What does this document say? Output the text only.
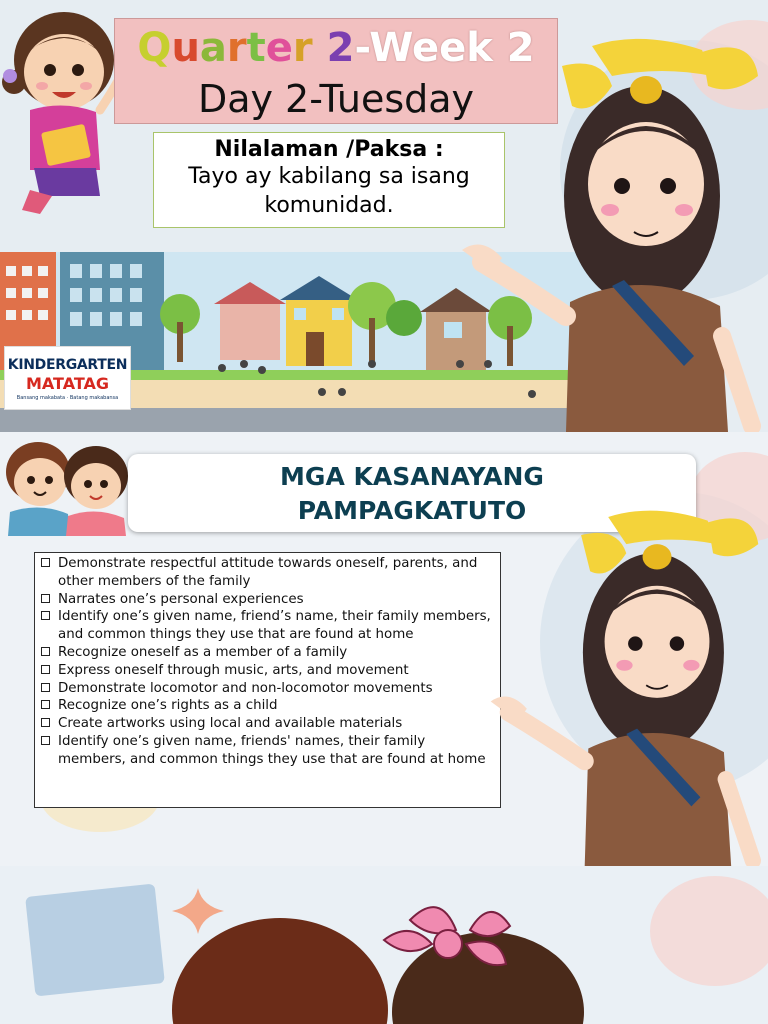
Quarter 2-Week 2
Day 2-Tuesday
Nilalaman /Paksa :
Tayo ay kabilang sa isang
komunidad.
KINDERGARTEN
MATATAG
Bansang makabata · Batang makabansa
MGA KASANAYANG
PAMPAGKATUTO
Demonstrate respectful attitude towards oneself, parents, and other members of the family
Narrates one’s personal experiences
Identify one’s given name, friend’s name, their family members, and common things they use that are found at home
Recognize oneself as a member of a family
Express oneself through music, arts, and movement
Demonstrate locomotor and non-locomotor movements
Recognize one’s rights as a child
Create artworks using local and available materials
Identify one’s given name, friends' names, their family members, and common things they use that are found at home
